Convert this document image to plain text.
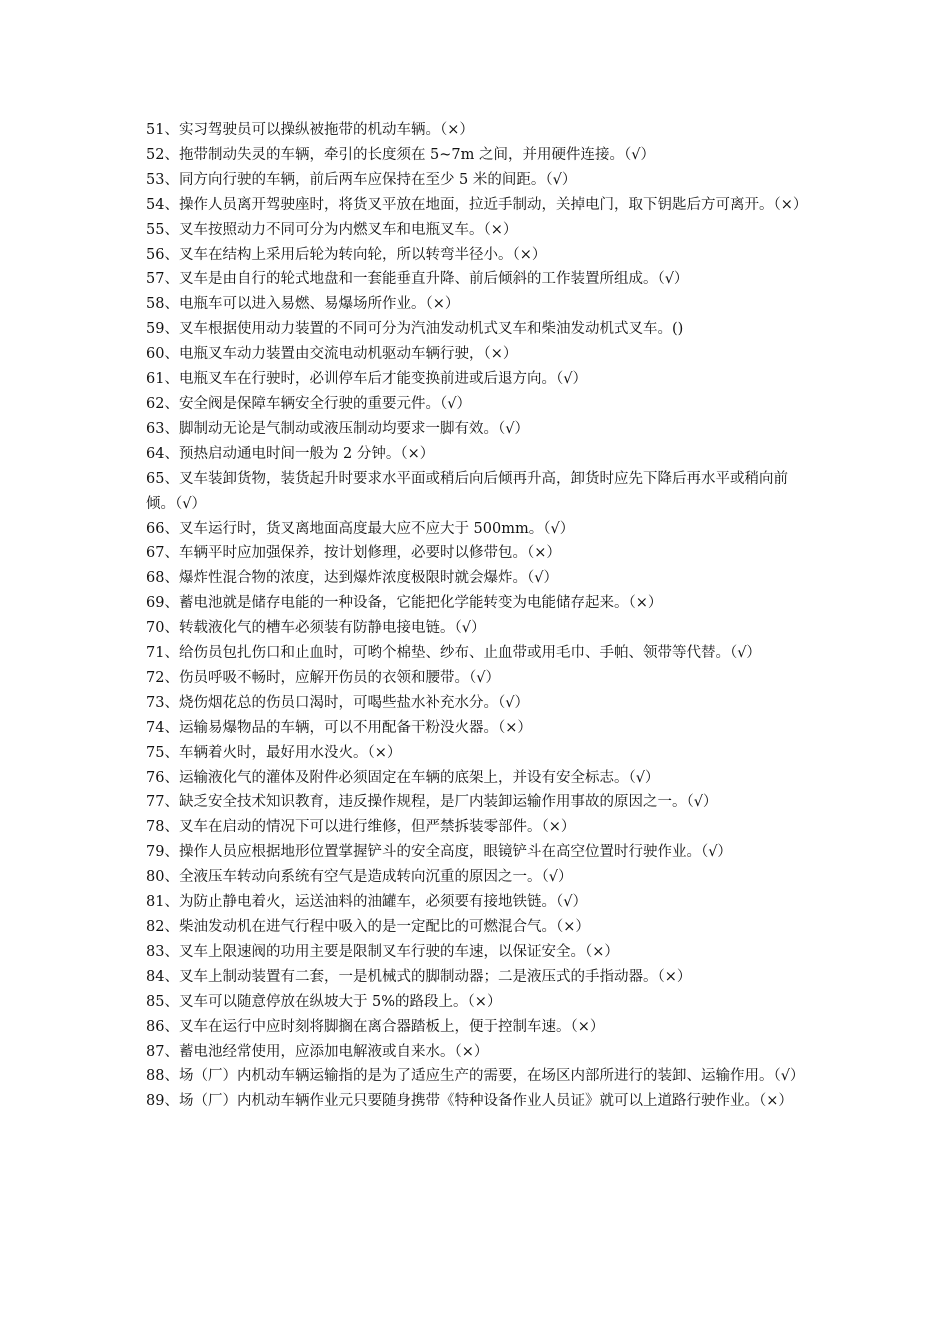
51、实习驾驶员可以操纵被拖带的机动车辆。（×）

52、拖带制动失灵的车辆，牵引的长度须在 5~7m 之间，并用硬件连接。（√）

53、同方向行驶的车辆，前后两车应保持在至少 5 米的间距。（√）

54、操作人员离开驾驶座时，将货叉平放在地面，拉近手制动，关掉电门，取下钥匙后方可离开。（×）

55、叉车按照动力不同可分为内燃叉车和电瓶叉车。（×）

56、叉车在结构上采用后轮为转向轮，所以转弯半径小。（×）

57、叉车是由自行的轮式地盘和一套能垂直升降、前后倾斜的工作装置所组成。（√）

58、电瓶车可以进入易燃、易爆场所作业。（×）

59、叉车根据使用动力装置的不同可分为汽油发动机式叉车和柴油发动机式叉车。()

60、电瓶叉车动力装置由交流电动机驱动车辆行驶，（×）

61、电瓶叉车在行驶时，必训停车后才能变换前进或后退方向。（√）

62、安全阀是保障车辆安全行驶的重要元件。（√）

63、脚制动无论是气制动或液压制动均要求一脚有效。（√）

64、预热启动通电时间一般为 2 分钟。（×）

65、叉车装卸货物，装货起升时要求水平面或稍后向后倾再升高，卸货时应先下降后再水平或稍向前倾。（√）

66、叉车运行时，货叉离地面高度最大应不应大于 500mm。（√）

67、车辆平时应加强保养，按计划修理，必要时以修带包。（×）

68、爆炸性混合物的浓度，达到爆炸浓度极限时就会爆炸。（√）

69、蓄电池就是储存电能的一种设备，它能把化学能转变为电能储存起来。（×）

70、转载液化气的槽车必须装有防静电接电链。（√）

71、给伤员包扎伤口和止血时，可哟个棉垫、纱布、止血带或用毛巾、手帕、领带等代替。（√）

72、伤员呼吸不畅时，应解开伤员的衣领和腰带。（√）

73、烧伤烟花总的伤员口渴时，可喝些盐水补充水分。（√）

74、运输易爆物品的车辆，可以不用配备干粉没火器。（×）

75、车辆着火时，最好用水没火。（×）

76、运输液化气的灌体及附件必须固定在车辆的底架上，并设有安全标志。（√）

77、缺乏安全技术知识教育，违反操作规程，是厂内装卸运输作用事故的原因之一。（√）

78、叉车在启动的情况下可以进行维修，但严禁拆装零部件。（×）

79、操作人员应根据地形位置掌握铲斗的安全高度，眼镜铲斗在高空位置时行驶作业。（√）

80、全液压车转动向系统有空气是造成转向沉重的原因之一。（√）

81、为防止静电着火，运送油料的油罐车，必须要有接地铁链。（√）

82、柴油发动机在进气行程中吸入的是一定配比的可燃混合气。（×）

83、叉车上限速阀的功用主要是限制叉车行驶的车速，以保证安全。（×）

84、叉车上制动装置有二套，一是机械式的脚制动器；二是液压式的手指动器。（×）

85、叉车可以随意停放在纵坡大于 5%的路段上。（×）

86、叉车在运行中应时刻将脚搁在离合器踏板上，便于控制车速。（×）

87、蓄电池经常使用，应添加电解液或自来水。（×）

88、场（厂）内机动车辆运输指的是为了适应生产的需要，在场区内部所进行的装卸、运输作用。（√）

89、场（厂）内机动车辆作业元只要随身携带《特种设备作业人员证》就可以上道路行驶作业。（×）
